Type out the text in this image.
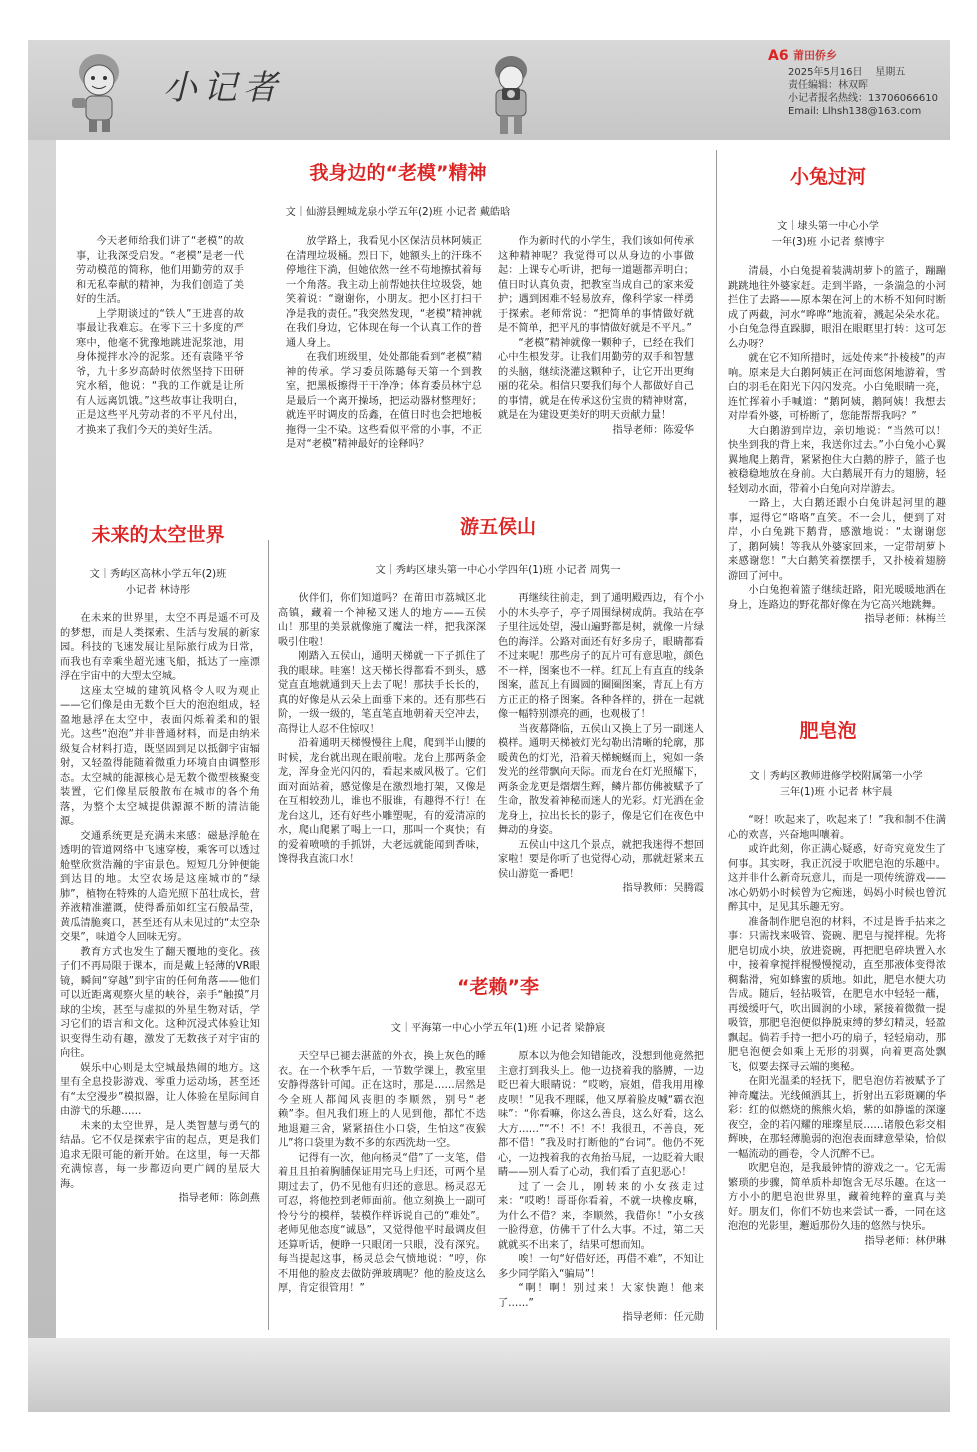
小记者
A6 莆田侨乡
2025年5月16日 星期五
责任编辑：林双晖
小记者报名热线：13706066610
Email: Llhsh138@163.com
我身边的“老模”精神
文｜仙游县鲤城龙泉小学五年(2)班 小记者 戴皓晗

今天老师给我们讲了“老模”的故事，让我深受启发。“老模”是老一代劳动模范的简称，他们用勤劳的双手和无私奉献的精神，为我们创造了美好的生活。

上学期谈过的“铁人”王进喜的故事最让我难忘。在零下三十多度的严寒中，他毫不犹豫地跳进泥浆池，用身体搅拌水冷的泥浆。还有袁隆平爷爷，九十多岁高龄时依然坚持下田研究水稻，他说：“我的工作就是让所有人远离饥饿。”这些故事让我明白，正是这些平凡劳动者的不平凡付出，才换来了我们今天的美好生活。

放学路上，我看见小区保洁员林阿姨正在清理垃圾桶。烈日下，她额头上的汗珠不停地往下淌，但她依然一丝不苟地擦拭着每一个角落。我主动上前帮她扶住垃圾袋，她笑着说：“谢谢你，小朋友。把小区打扫干净是我的责任。”我突然发现，“老模”精神就在我们身边，它体现在每一个认真工作的普通人身上。

在我们班级里，处处都能看到“老模”精神的传承。学习委员陈璐每天第一个到教室，把黑板擦得干干净净；体育委员林宁总是最后一个离开操场，把运动器材整理好；就连平时调皮的岳鑫，在值日时也会把地板拖得一尘不染。这些看似平常的小事，不正是对“老模”精神最好的诠释吗？

作为新时代的小学生，我们该如何传承这种精神呢？我觉得可以从身边的小事做起：上课专心听讲，把每一道题都弄明白；值日时认真负责，把教室当成自己的家来爱护；遇到困难不轻易放弃，像科学家一样勇于探索。老师常说：“把简单的事情做好就是不简单，把平凡的事情做好就是不平凡。”

“老模”精神就像一颗种子，已经在我们心中生根发芽。让我们用勤劳的双手和智慧的头脑，继续浇灌这颗种子，让它开出更绚丽的花朵。相信只要我们每个人都做好自己的事情，就是在传承这份宝贵的精神财富，就是在为建设更美好的明天贡献力量！

指导老师：陈爱华

小兔过河
文｜埭头第一中心小学
一年(3)班 小记者 蔡博宇

清晨，小白兔提着装满胡萝卜的篮子，蹦蹦跳跳地往外婆家赶。走到半路，一条湍急的小河拦住了去路——原本架在河上的木桥不知何时断成了两截，河水“哗哗”地流着，溅起朵朵水花。小白兔急得直跺脚，眼泪在眼眶里打转：这可怎么办呀？

就在它不知所措时，远处传来“扑棱棱”的声响。原来是大白鹅阿姨正在河面悠闲地游着，雪白的羽毛在阳光下闪闪发亮。小白兔眼睛一亮，连忙挥着小手喊道：“鹅阿姨，鹅阿姨！我想去对岸看外婆，可桥断了，您能帮帮我吗？”

大白鹅游到岸边，亲切地说：“当然可以！快坐到我的背上来，我送你过去。”小白兔小心翼翼地爬上鹅背，紧紧抱住大白鹅的脖子，篮子也被稳稳地放在身前。大白鹅展开有力的翅膀，轻轻划动水面，带着小白兔向对岸游去。

一路上，大白鹅还跟小白兔讲起河里的趣事，逗得它“咯咯”直笑。不一会儿，便到了对岸，小白兔跳下鹅背，感激地说：“太谢谢您了，鹅阿姨！等我从外婆家回来，一定带胡萝卜来感谢您！”大白鹅笑着摆摆手，又扑棱着翅膀游回了河中。

小白兔抱着篮子继续赶路，阳光暖暖地洒在身上，连路边的野花都好像在为它高兴地跳舞。

指导老师：林梅兰

未来的太空世界
文｜秀屿区高林小学五年(2)班
小记者 林诗彤

在未来的世界里，太空不再是遥不可及的梦想，而是人类探索、生活与发展的新家园。科技的飞速发展让星际旅行成为日常，而我也有幸乘坐超光速飞船，抵达了一座漂浮在宇宙中的大型太空城。

这座太空城的建筑风格令人叹为观止——它们像是由无数个巨大的泡泡组成，轻盈地悬浮在太空中，表面闪烁着柔和的银光。这些“泡泡”并非普通材料，而是由纳米级复合材料打造，既坚固到足以抵御宇宙辐射，又轻盈得能随着微重力环境自由调整形态。太空城的能源核心是无数个微型核聚变装置，它们像星辰般散布在城市的各个角落，为整个太空城提供源源不断的清洁能源。

交通系统更是充满未来感：磁悬浮舱在透明的管道网络中飞速穿梭，乘客可以透过舱壁欣赏浩瀚的宇宙景色。短短几分钟便能到达目的地。太空农场是这座城市的“绿肺”，植物在特殊的人造光照下茁壮成长，营养液精准灌溉，使得番茄如红宝石般晶莹，黄瓜清脆爽口，甚至还有从未见过的“太空杂交果”，味道令人回味无穷。

教育方式也发生了翻天覆地的变化。孩子们不再局限于课本，而是戴上轻薄的VR眼镜，瞬间“穿越”到宇宙的任何角落——他们可以近距离观察火星的峡谷，亲手“触摸”月球的尘埃，甚至与虚拟的外星生物对话，学习它们的语言和文化。这种沉浸式体验让知识变得生动有趣，激发了无数孩子对宇宙的向往。

娱乐中心则是太空城最热闹的地方。这里有全息投影游戏、零重力运动场，甚至还有“太空漫步”模拟器，让人体验在星际间自由游弋的乐趣……

未来的太空世界，是人类智慧与勇气的结晶。它不仅是探索宇宙的起点，更是我们追求无限可能的新开始。在这里，每一天都充满惊喜，每一步都迈向更广阔的星辰大海。

指导老师：陈剑燕

游五侯山
文｜秀屿区埭头第一中心小学四年(1)班 小记者 周隽一

伙伴们，你们知道吗？在莆田市荔城区北高镇，藏着一个神秘又迷人的地方——五侯山！那里的美景就像施了魔法一样，把我深深吸引住啦！

刚踏入五侯山，通明天梯就一下子抓住了我的眼球。哇塞！这天梯长得都看不到头，感觉直直地就通到天上去了呢！那扶手长长的，真的好像是从云朵上面垂下来的。还有那些石阶，一级一级的，笔直笔直地朝着天空冲去，高得让人忍不住惊叹！

沿着通明天梯慢慢往上爬，爬到半山腰的时候，龙台就出现在眼前啦。龙台上那两条金龙，浑身金光闪闪的，看起来威风极了。它们面对面站着，感觉像是在激烈地打架，又像是在互相较劲儿，谁也不服谁，有趣得不行！在龙台这儿，还有好些小雕塑呢，有的爱清凉的水，爬山爬累了喝上一口，那叫一个爽快；有的爱着喷喷的手抓饼，大老远就能闻到香味，馋得我直流口水！

再继续往前走，到了通明殿西边，有个小小的木头亭子，亭子周围绿树成荫。我站在亭子里往远处望，漫山遍野都是树，就像一片绿色的海洋。公路对面还有好多房子，眼睛都看不过来呢！那些房子的瓦片可有意思啦，颜色不一样，图案也不一样。红瓦上有直直的线条图案，蓝瓦上有圆圆的圈圈图案，青瓦上有方方正正的格子图案。各种各样的，拼在一起就像一幅特别漂亮的画，也观极了！

当夜幕降临，五侯山又换上了另一副迷人模样。通明天梯被灯光勾勒出清晰的轮廓，那暖黄色的灯光，沿着天梯蜿蜒而上，宛如一条发光的丝带飘向天际。而龙台在灯光照耀下，两条金龙更是熠熠生辉，鳞片都仿佛被赋予了生命，散发着神秘而迷人的光彩。灯光洒在金龙身上，拉出长长的影子，像是它们在夜色中舞动的身姿。

五侯山中这几个景点，就把我迷得不想回家啦！要是你听了也觉得心动，那就赶紧来五侯山游览一番吧！

指导教师：吴腾霞

“老赖”李
文｜平海第一中心小学五年(1)班 小记者 梁静宸

天空早已褪去湛蓝的外衣，换上灰色的睡衣。在一个秋季午后，一节数学课上，教室里安静得落针可闻。正在这时，那是……居然是今全班人都闻风丧胆的李顺然，别号“老赖”李。但凡我们班上的人见到他，都忙不迭地退避三舍，紧紧捂住小口袋，生怕这“夜猴儿”将口袋里为数不多的东西洗劫一空。

记得有一次，他向杨灵“借”了一支笔，借着且且拍着胸脯保证用完马上归还，可两个星期过去了，仍不见他有归还的意思。杨灵忍无可忍，将他控到老师面前。他立刻换上一副可怜兮兮的模样，装模作样诉说自己的“难处”。老师见他态度“诚恳”，又觉得他平时最调皮但还算听话，便睁一只眼闭一只眼，没有深究。每当提起这事，杨灵总会气愤地说：“哼，你不用他的脸皮去做防弹玻璃呢？他的脸皮这么厚，肯定很管用！”

原本以为他会知错能改，没想到他竟然把主意打到我头上。他一边挠着我的胳膊，一边眨巴着大眼睛说：“哎哟，宸姐，借我用用橡皮呗！”见我不理睬，他又厚着脸皮喊“霸衣泡味”：“你看嘛，你这么善良，这么好看，这么大方……”“不！不！不！我很丑，不善良，死都不借！”我及时打断他的“台词”。他仍不死心，一边拽着我的衣角抬马屁，一边眨着大眼睛——别人看了心动，我们看了直犯恶心！

过了一会儿，刚转来的小女孩走过来：“哎哟！哥哥你看着，不就一块橡皮嘛，为什么不借？来，李顺然，我借你！”小女孩一脸得意，仿佛干了什么大事。不过，第二天就就买不出来了，结果可想而知。

唉！一句“好借好还，再借不难”，不知让多少同学陷入“骗局”！

“啊！啊！别过来！大家快跑！他来了……”

指导老师：任元勋

肥皂泡
文｜秀屿区教师进修学校附属第一小学
三年(1)班 小记者 林宇晨

“呀！吹起来了，吹起来了！”我和制不住满心的欢喜，兴奋地叫嚷着。

或许此刻，你正满心疑惑，好奇究竟发生了何事。其实呀，我正沉浸于吹肥皂泡的乐趣中。这并非什么新奇玩意儿，而是一项传统游戏——冰心奶奶小时候曾为它痴迷，妈妈小时候也曾沉醉其中，足见其乐趣无穷。

准备制作肥皂泡的材料，不过是皆手拈来之事：只需找来吸管、瓷碗、肥皂与搅拌棍。先将肥皂切成小块，放进瓷碗，再把肥皂碎块置入水中，接着拿搅拌棍慢慢搅动，直至那液体变得浓稠黏滑，宛如蜂蜜的质地。如此，肥皂水便大功告成。随后，轻拈吸管，在肥皂水中轻轻一蘸，再缓缓吁气，吹出圆润的小球，紧接着微微一提吸管，那肥皂泡便似挣脱束缚的梦幻精灵，轻盈飘起。倘若手持一把小巧的扇子，轻轻扇动，那肥皂泡便会如乘上无形的羽翼，向着更高处飘飞，似要去探寻云端的奥秘。

在阳光温柔的轻抚下，肥皂泡仿若被赋予了神奇魔法。光线倾洒其上，折射出五彩斑斓的华彩：红的似燃烧的熊熊火焰，紫的如静谧的深邃夜空，金的若闪耀的璀璨星辰……诸般色彩交相辉映，在那轻薄脆弱的泡泡表面肆意晕染，恰似一幅流动的画卷，令人沉醉不已。

吹肥皂泡，是我最钟情的游戏之一。它无需繁琐的步骤，简单质朴却饱含无尽乐趣。在这一方小小的肥皂泡世界里，藏着纯粹的童真与美好。朋友们，你们不妨也来尝试一番，一同在这泡泡的光影里，邂逅那份久违的悠然与快乐。

指导老师：林伊琳
